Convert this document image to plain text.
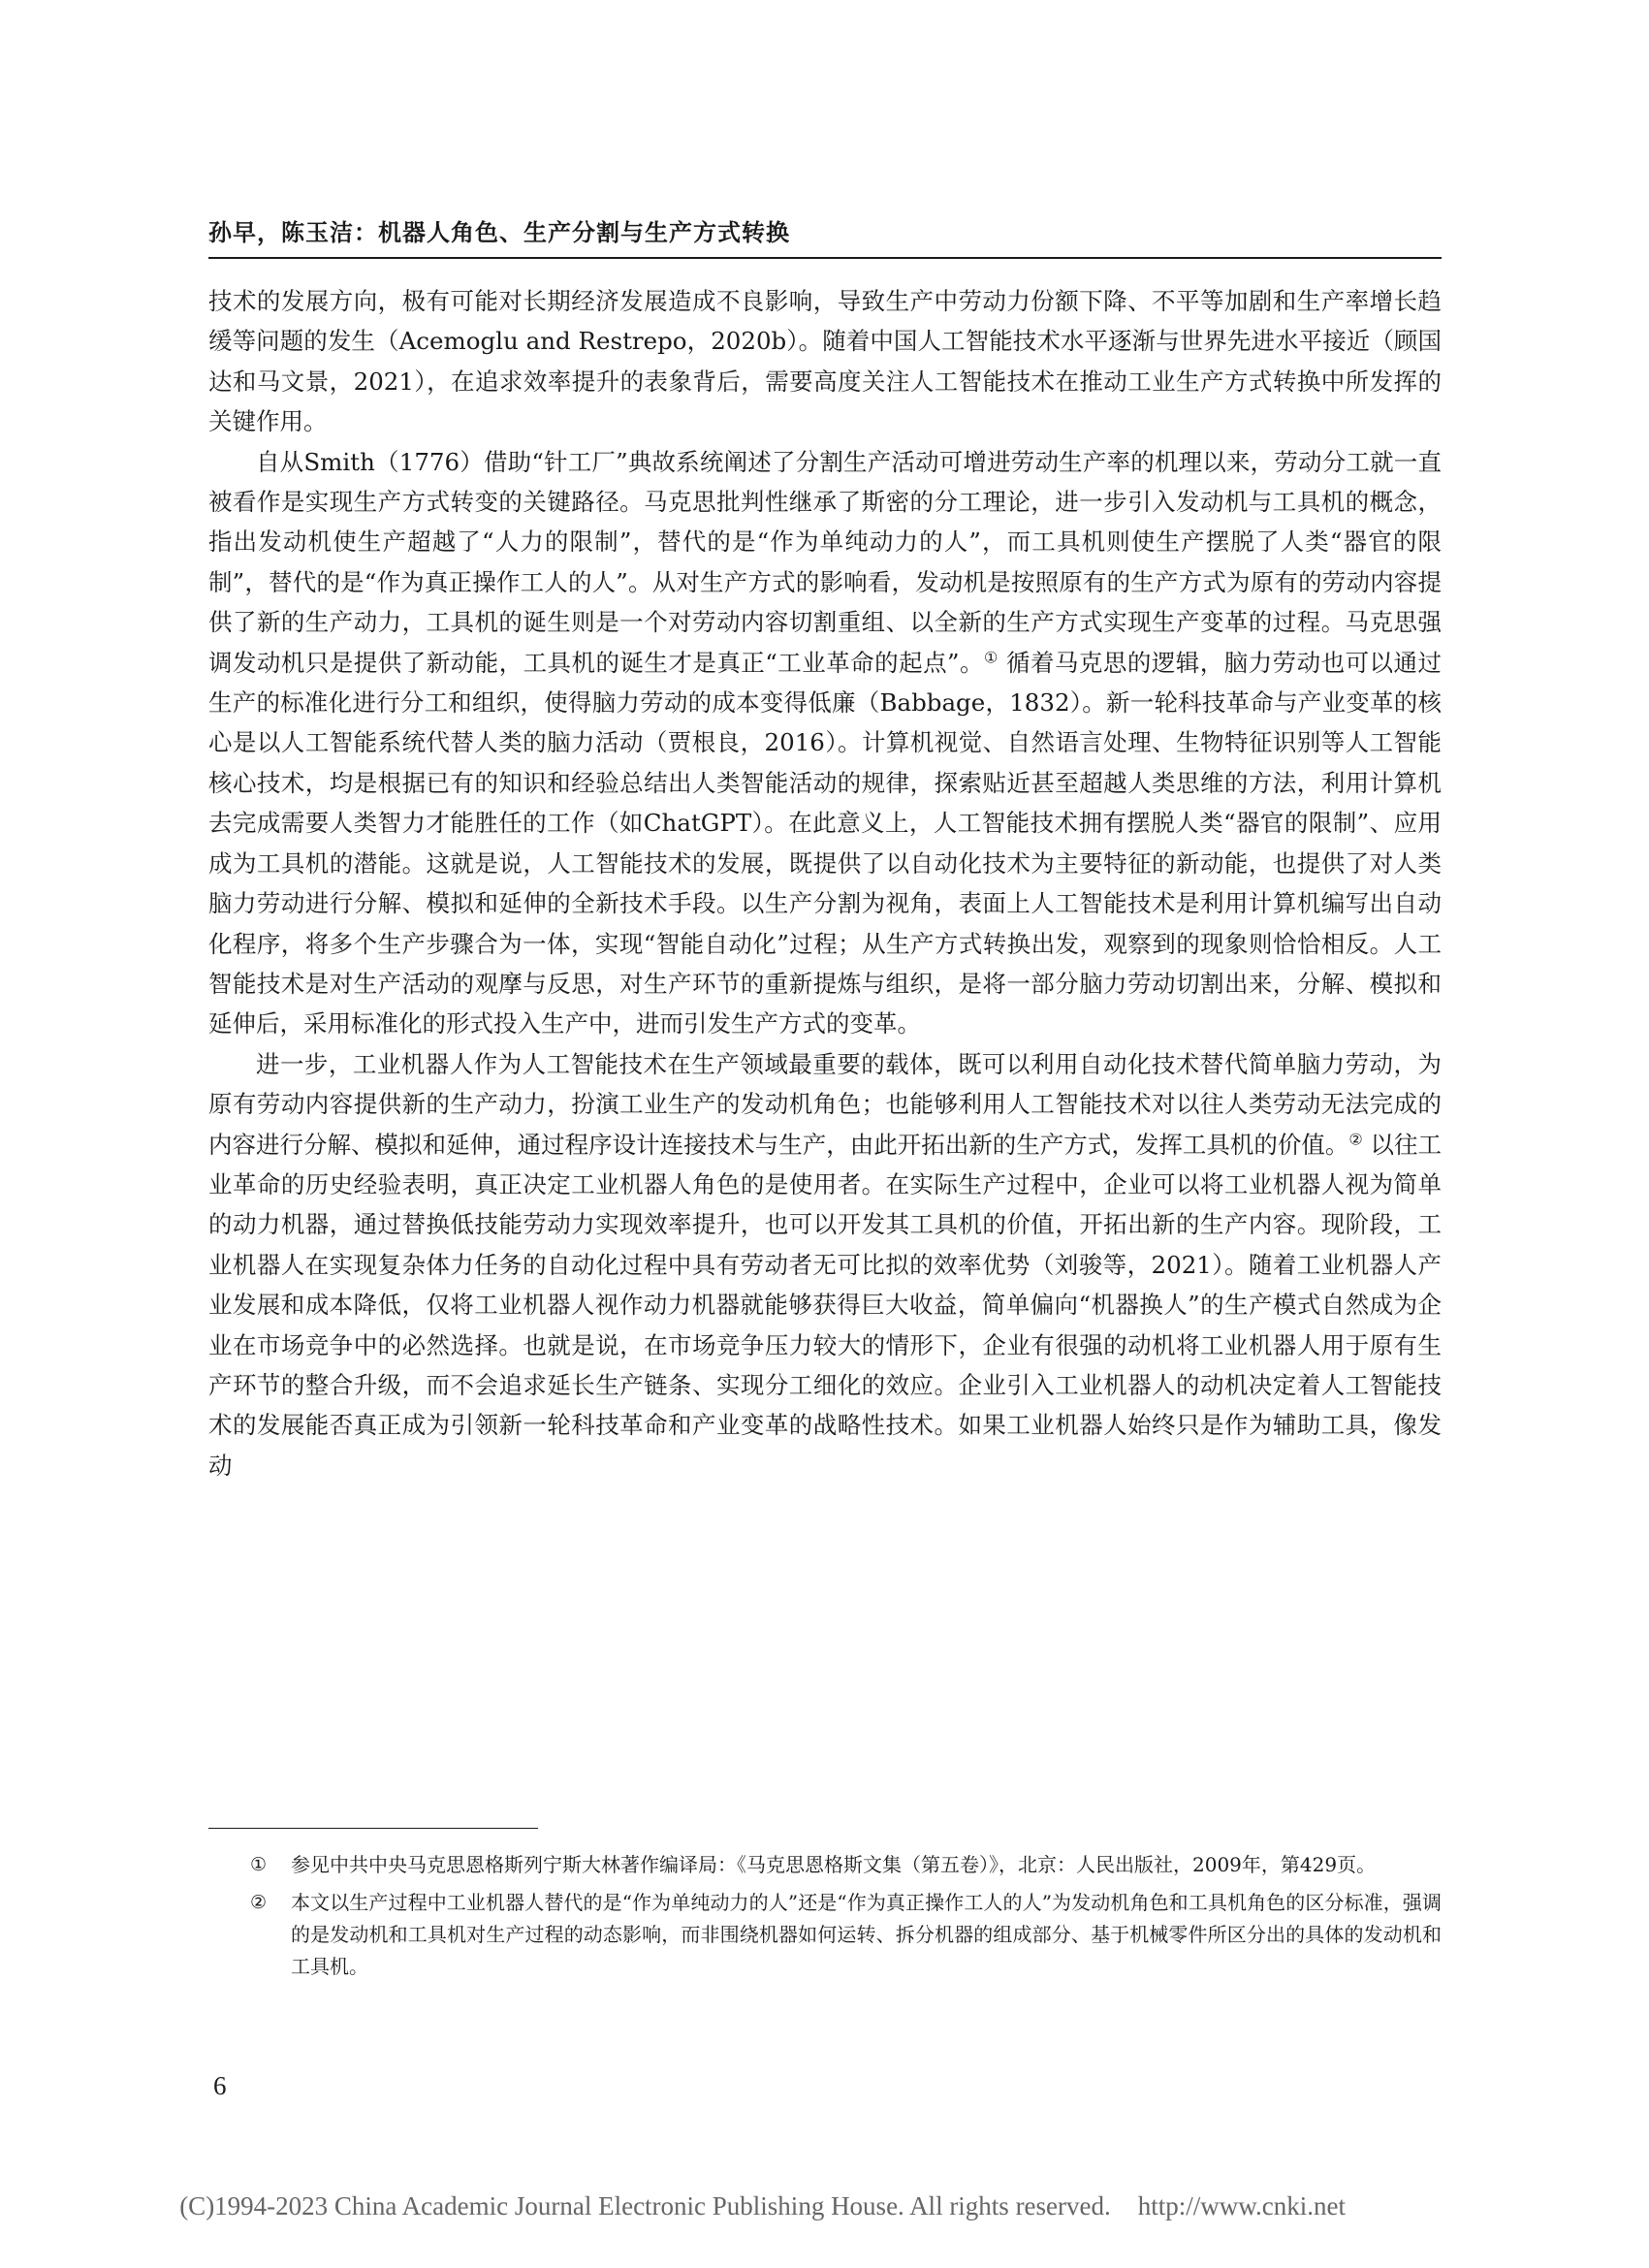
孙早，陈玉洁：机器人角色、生产分割与生产方式转换

技术的发展方向，极有可能对长期经济发展造成不良影响，导致生产中劳动力份额下降、不平等加剧和生产率增长趋缓等问题的发生（Acemoglu and Restrepo，2020b）。随着中国人工智能技术水平逐渐与世界先进水平接近（顾国达和马文景，2021），在追求效率提升的表象背后，需要高度关注人工智能技术在推动工业生产方式转换中所发挥的关键作用。

自从Smith（1776）借助“针工厂”典故系统阐述了分割生产活动可增进劳动生产率的机理以来，劳动分工就一直被看作是实现生产方式转变的关键路径。马克思批判性继承了斯密的分工理论，进一步引入发动机与工具机的概念，指出发动机使生产超越了“人力的限制”，替代的是“作为单纯动力的人”，而工具机则使生产摆脱了人类“器官的限制”，替代的是“作为真正操作工人的人”。从对生产方式的影响看，发动机是按照原有的生产方式为原有的劳动内容提供了新的生产动力，工具机的诞生则是一个对劳动内容切割重组、以全新的生产方式实现生产变革的过程。马克思强调发动机只是提供了新动能，工具机的诞生才是真正“工业革命的起点”。① 循着马克思的逻辑，脑力劳动也可以通过生产的标准化进行分工和组织，使得脑力劳动的成本变得低廉（Babbage，1832）。新一轮科技革命与产业变革的核心是以人工智能系统代替人类的脑力活动（贾根良，2016）。计算机视觉、自然语言处理、生物特征识别等人工智能核心技术，均是根据已有的知识和经验总结出人类智能活动的规律，探索贴近甚至超越人类思维的方法，利用计算机去完成需要人类智力才能胜任的工作（如ChatGPT）。在此意义上，人工智能技术拥有摆脱人类“器官的限制”、应用成为工具机的潜能。这就是说，人工智能技术的发展，既提供了以自动化技术为主要特征的新动能，也提供了对人类脑力劳动进行分解、模拟和延伸的全新技术手段。以生产分割为视角，表面上人工智能技术是利用计算机编写出自动化程序，将多个生产步骤合为一体，实现“智能自动化”过程；从生产方式转换出发，观察到的现象则恰恰相反。人工智能技术是对生产活动的观摩与反思，对生产环节的重新提炼与组织，是将一部分脑力劳动切割出来，分解、模拟和延伸后，采用标准化的形式投入生产中，进而引发生产方式的变革。

进一步，工业机器人作为人工智能技术在生产领域最重要的载体，既可以利用自动化技术替代简单脑力劳动，为原有劳动内容提供新的生产动力，扮演工业生产的发动机角色；也能够利用人工智能技术对以往人类劳动无法完成的内容进行分解、模拟和延伸，通过程序设计连接技术与生产，由此开拓出新的生产方式，发挥工具机的价值。② 以往工业革命的历史经验表明，真正决定工业机器人角色的是使用者。在实际生产过程中，企业可以将工业机器人视为简单的动力机器，通过替换低技能劳动力实现效率提升，也可以开发其工具机的价值，开拓出新的生产内容。现阶段，工业机器人在实现复杂体力任务的自动化过程中具有劳动者无可比拟的效率优势（刘骏等，2021）。随着工业机器人产业发展和成本降低，仅将工业机器人视作动力机器就能够获得巨大收益，简单偏向“机器换人”的生产模式自然成为企业在市场竞争中的必然选择。也就是说，在市场竞争压力较大的情形下，企业有很强的动机将工业机器人用于原有生产环节的整合升级，而不会追求延长生产链条、实现分工细化的效应。企业引入工业机器人的动机决定着人工智能技术的发展能否真正成为引领新一轮科技革命和产业变革的战略性技术。如果工业机器人始终只是作为辅助工具，像发动

①	参见中共中央马克思恩格斯列宁斯大林著作编译局：《马克思恩格斯文集（第五卷）》，北京：人民出版社，2009年，第429页。
②	本文以生产过程中工业机器人替代的是“作为单纯动力的人”还是“作为真正操作工人的人”为发动机角色和工具机角色的区分标准，强调的是发动机和工具机对生产过程的动态影响，而非围绕机器如何运转、拆分机器的组成部分、基于机械零件所区分出的具体的发动机和工具机。
6
(C)1994-2023 China Academic Journal Electronic Publishing House. All rights reserved. http://www.cnki.net
